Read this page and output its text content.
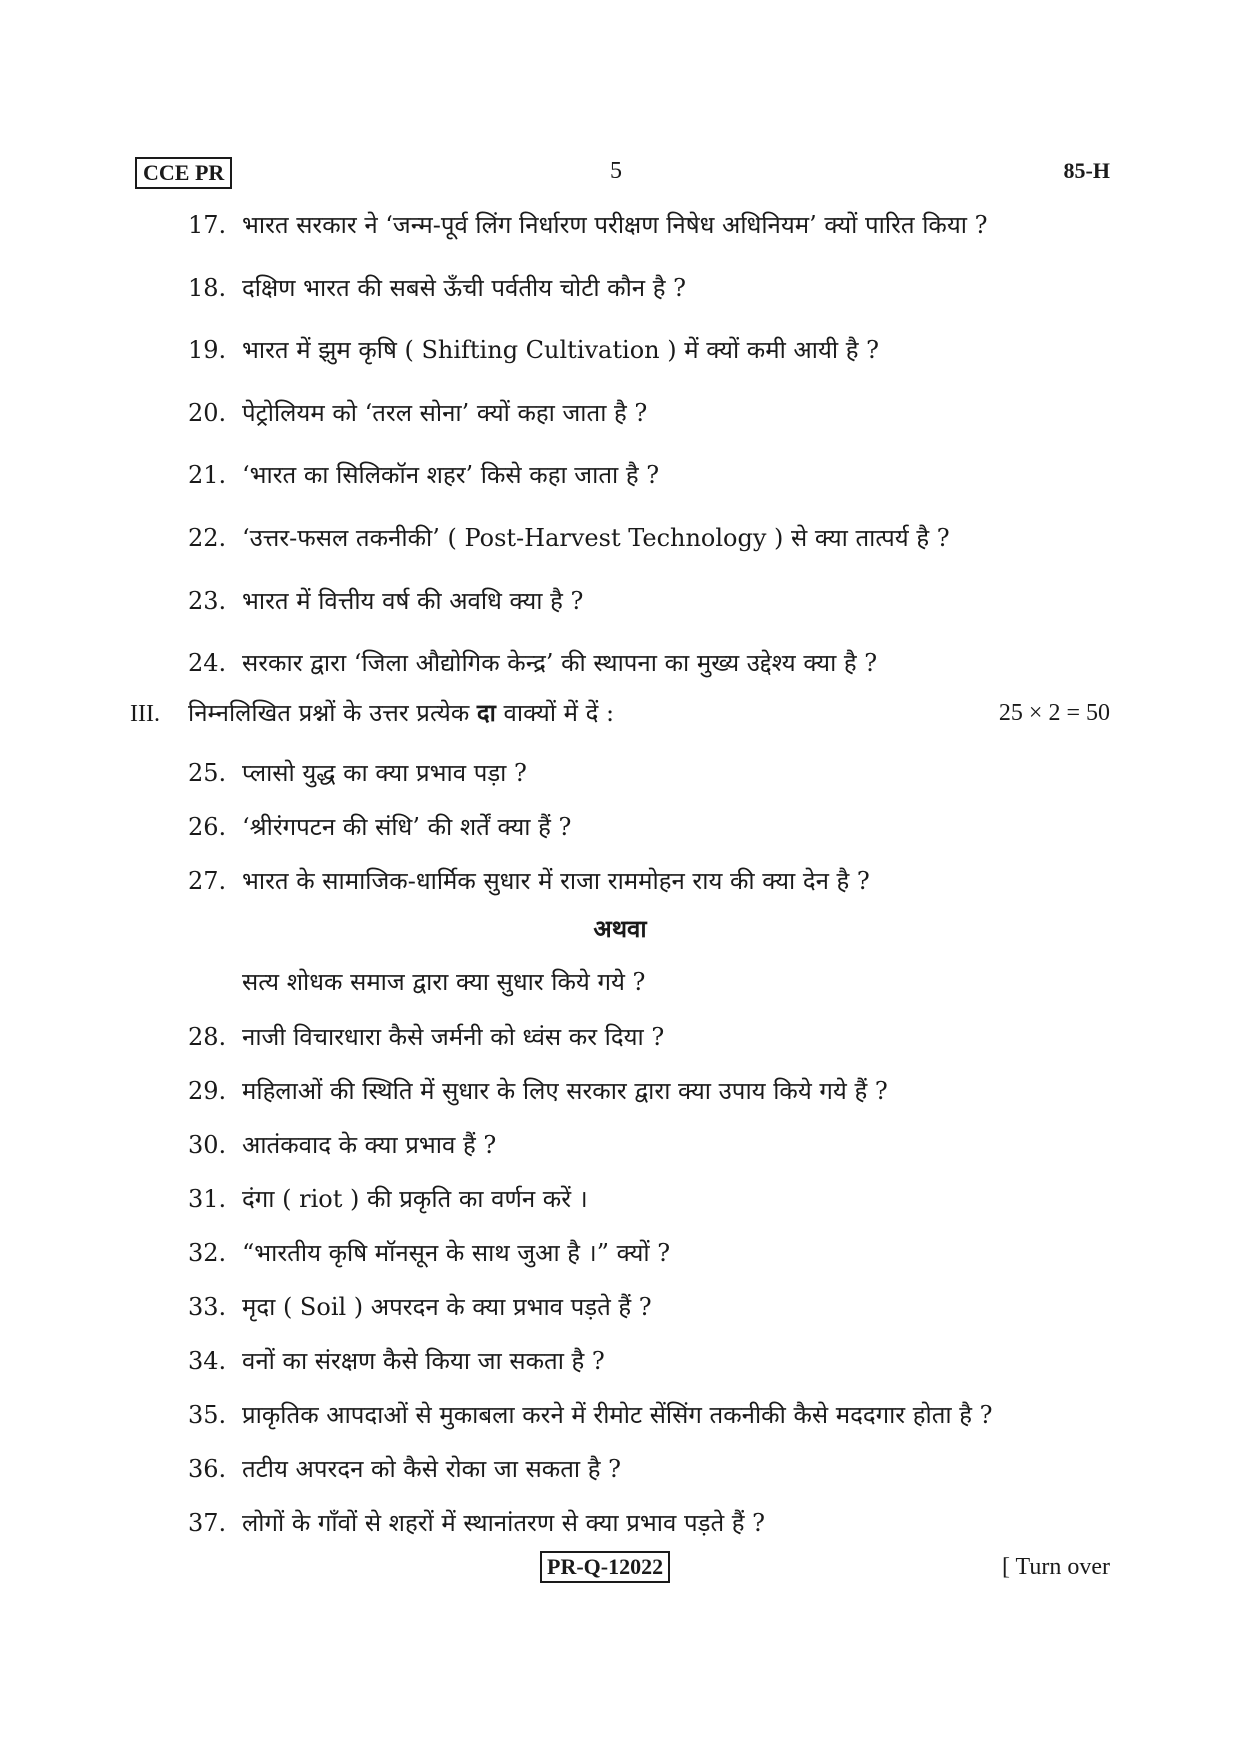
CCE PR	5	85-H
17. भारत सरकार ने ‘जन्म-पूर्व लिंग निर्धारण परीक्षण निषेध अधिनियम’ क्यों पारित किया ?
18. दक्षिण भारत की सबसे ऊँची पर्वतीय चोटी कौन है ?
19. भारत में झुम कृषि ( Shifting Cultivation ) में क्यों कमी आयी है ?
20. पेट्रोलियम को ‘तरल सोना’ क्यों कहा जाता है ?
21. ‘भारत का सिलिकॉन शहर’ किसे कहा जाता है ?
22. ‘उत्तर-फसल तकनीकी’ ( Post-Harvest Technology ) से क्या तात्पर्य है ?
23. भारत में वित्तीय वर्ष की अवधि क्या है ?
24. सरकार द्वारा ‘जिला औद्योगिक केन्द्र’ की स्थापना का मुख्य उद्देश्य क्या है ?
III. निम्नलिखित प्रश्नों के उत्तर प्रत्येक दा वाक्यों में दें :	25 × 2 = 50
25. प्लासो युद्ध का क्या प्रभाव पड़ा ?
26. ‘श्रीरंगपटन की संधि’ की शर्तें क्या हैं ?
27. भारत के सामाजिक-धार्मिक सुधार में राजा राममोहन राय की क्या देन है ?
अथवा
सत्य शोधक समाज द्वारा क्या सुधार किये गये ?
28. नाजी विचारधारा कैसे जर्मनी को ध्वंस कर दिया ?
29. महिलाओं की स्थिति में सुधार के लिए सरकार द्वारा क्या उपाय किये गये हैं ?
30. आतंकवाद के क्या प्रभाव हैं ?
31. दंगा ( riot ) की प्रकृति का वर्णन करें ।
32. “भारतीय कृषि मॉनसून के साथ जुआ है ।” क्यों ?
33. मृदा ( Soil ) अपरदन के क्या प्रभाव पड़ते हैं ?
34. वनों का संरक्षण कैसे किया जा सकता है ?
35. प्राकृतिक आपदाओं से मुकाबला करने में रीमोट सेंसिंग तकनीकी कैसे मददगार होता है ?
36. तटीय अपरदन को कैसे रोका जा सकता है ?
37. लोगों के गाँवों से शहरों में स्थानांतरण से क्या प्रभाव पड़ते हैं ?
PR-Q-12022	[ Turn over
